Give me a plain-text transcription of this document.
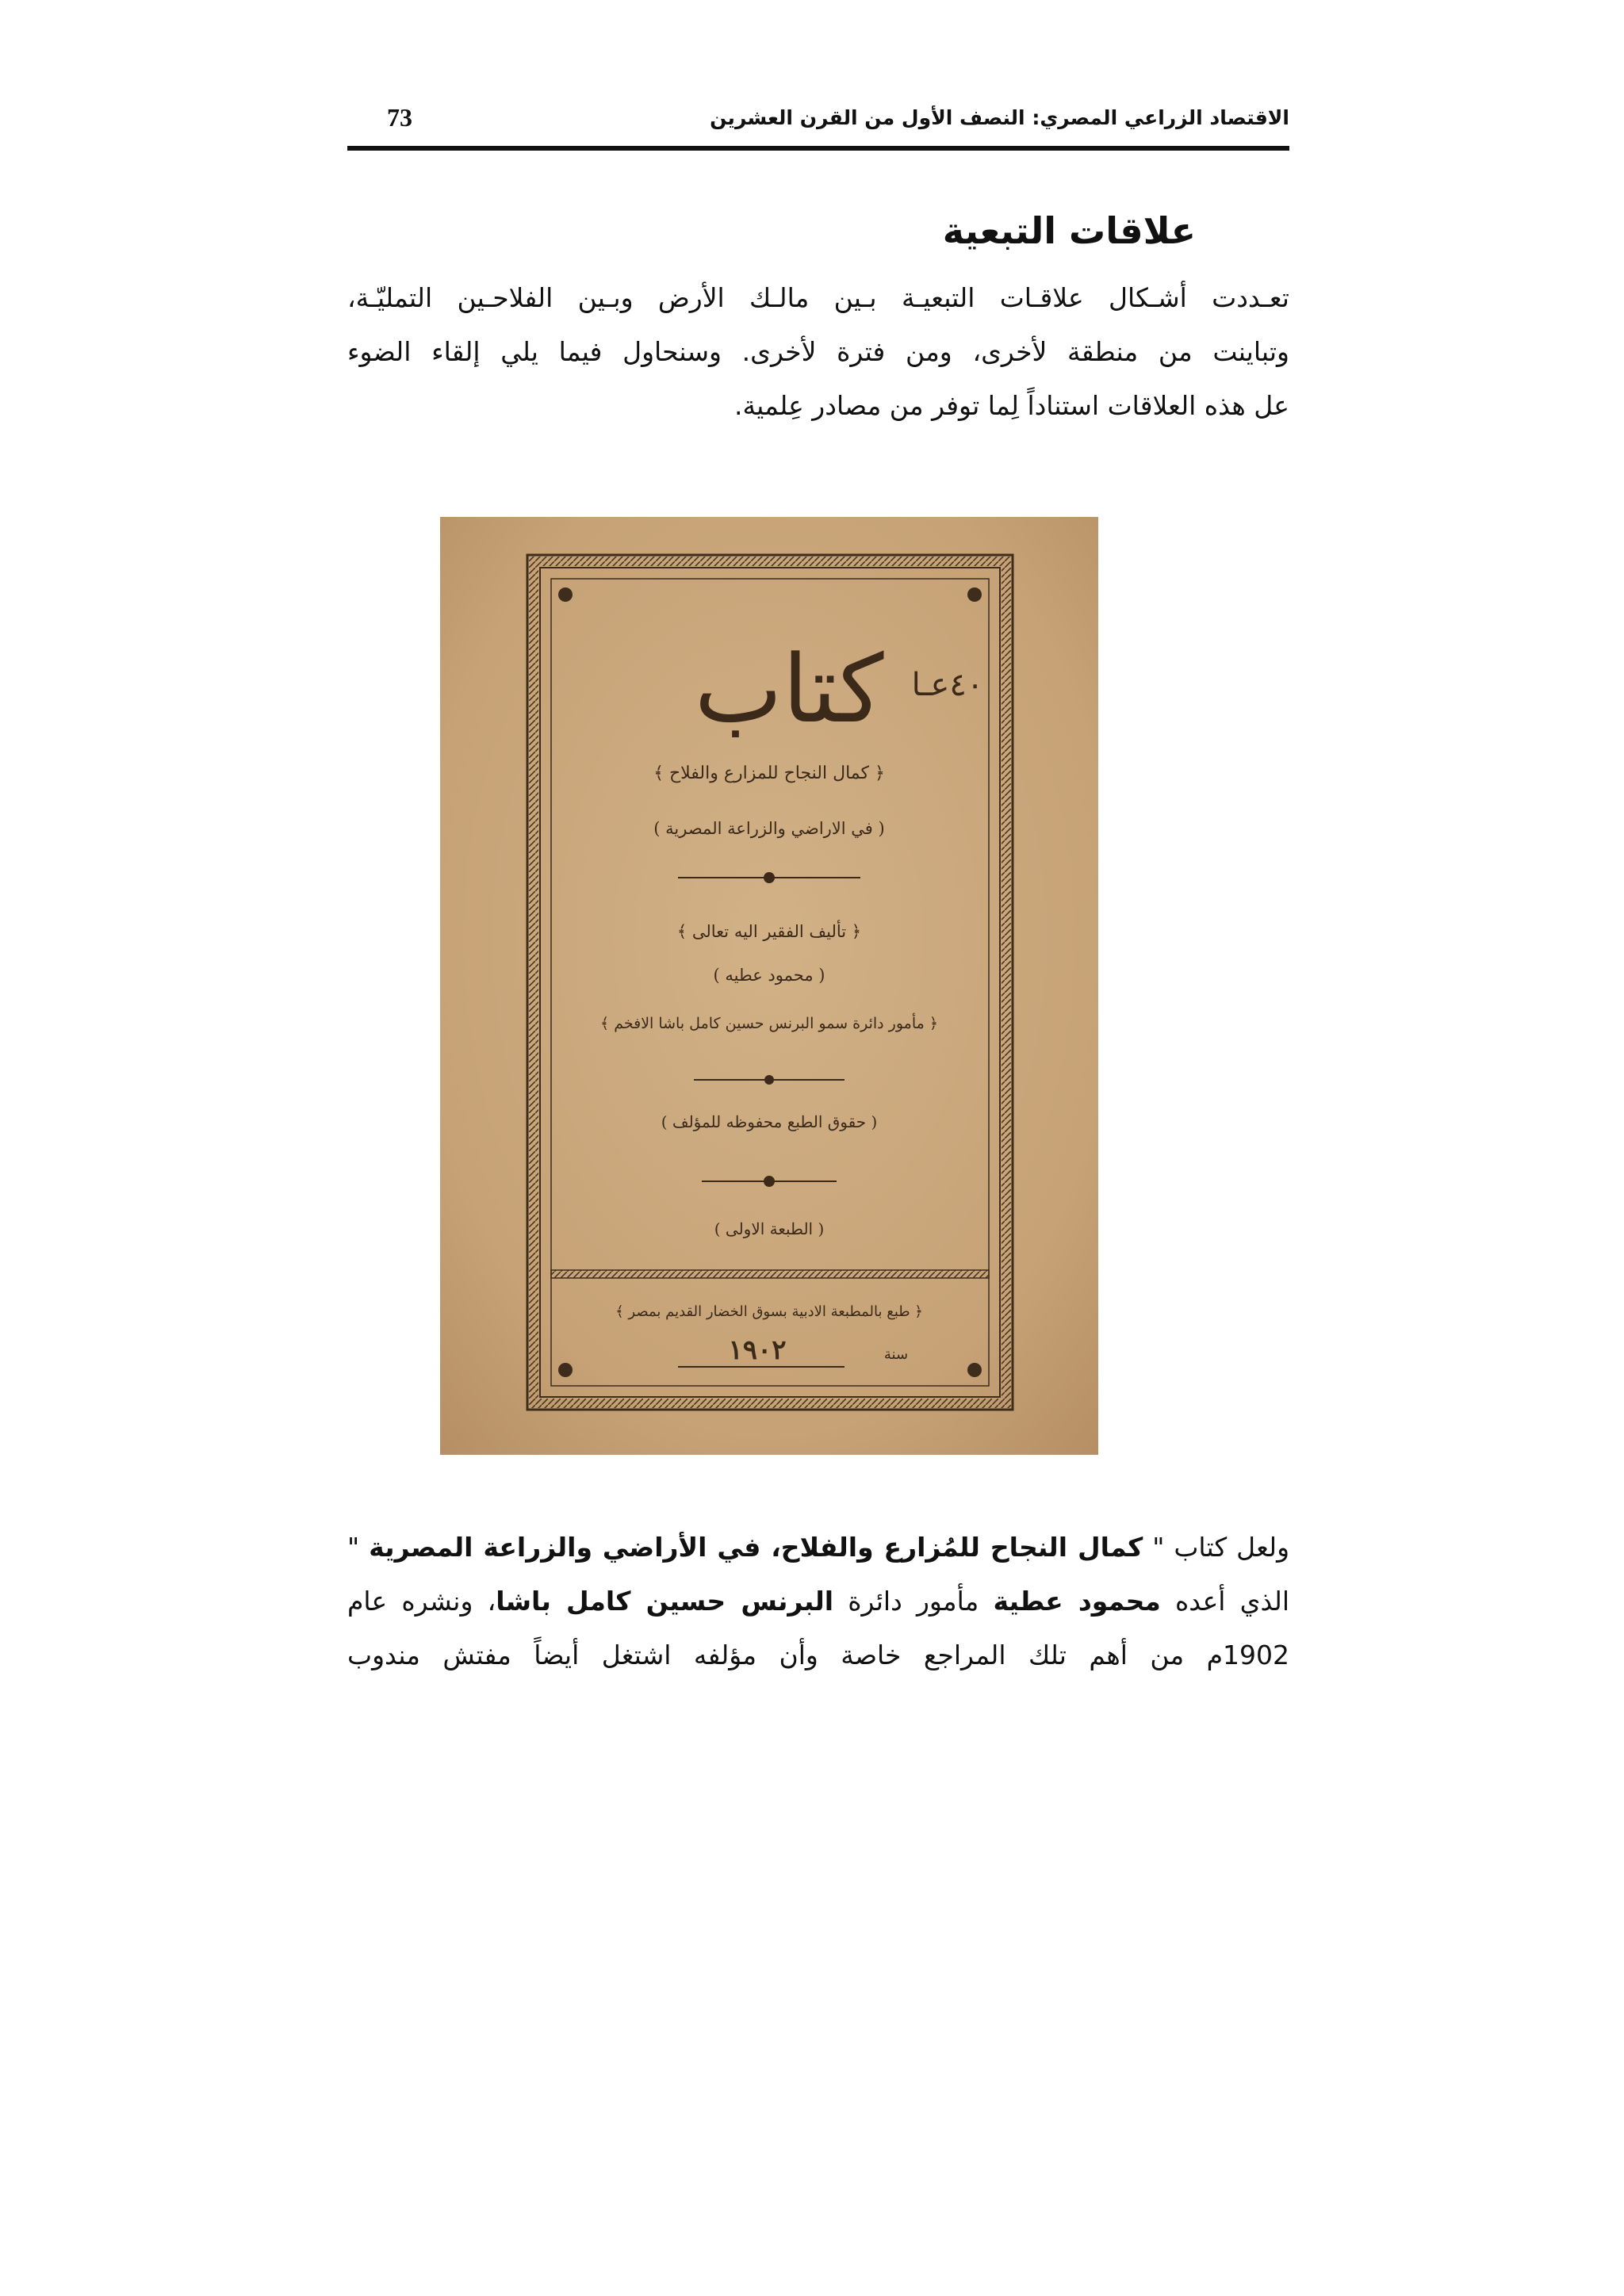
الاقتصاد الزراعي المصري: النصف الأول من القرن العشرين
73
علاقات التبعية
تعـددت أشـكال علاقـات التبعيـة بـين مالـك الأرض وبـين الفلاحـين التمليّـة،
وتباينت من منطقة لأخرى، ومن فترة لأخرى. وسنحاول فيما يلي إلقاء الضوء
عل هذه العلاقات استناداً لِما توفر من مصادر عِلمية.
كتاب ٤٠عـا
﴿ كمال النجاح للمزارع والفلاح ﴾
( في الاراضي والزراعة المصرية )
﴿ تأليف الفقير اليه تعالى ﴾
( محمود عطيه )
﴿ مأمور دائرة سمو البرنس حسين كامل باشا الافخم ﴾
( حقوق الطبع محفوظه للمؤلف )
( الطبعة الاولى )
﴿ طبع بالمطبعة الادبية بسوق الخضار القديم بمصر ﴾
١٩٠٢	سنة
ولعل كتاب " كمال النجاح للمُزارع والفلاح، في الأراضي والزراعة المصرية "
الذي أعده محمود عطية مأمور دائرة البرنس حسين كامل باشا، ونشره عام
1902م من أهم تلك المراجع خاصة وأن مؤلفه اشتغل أيضاً مفتش مندوب
